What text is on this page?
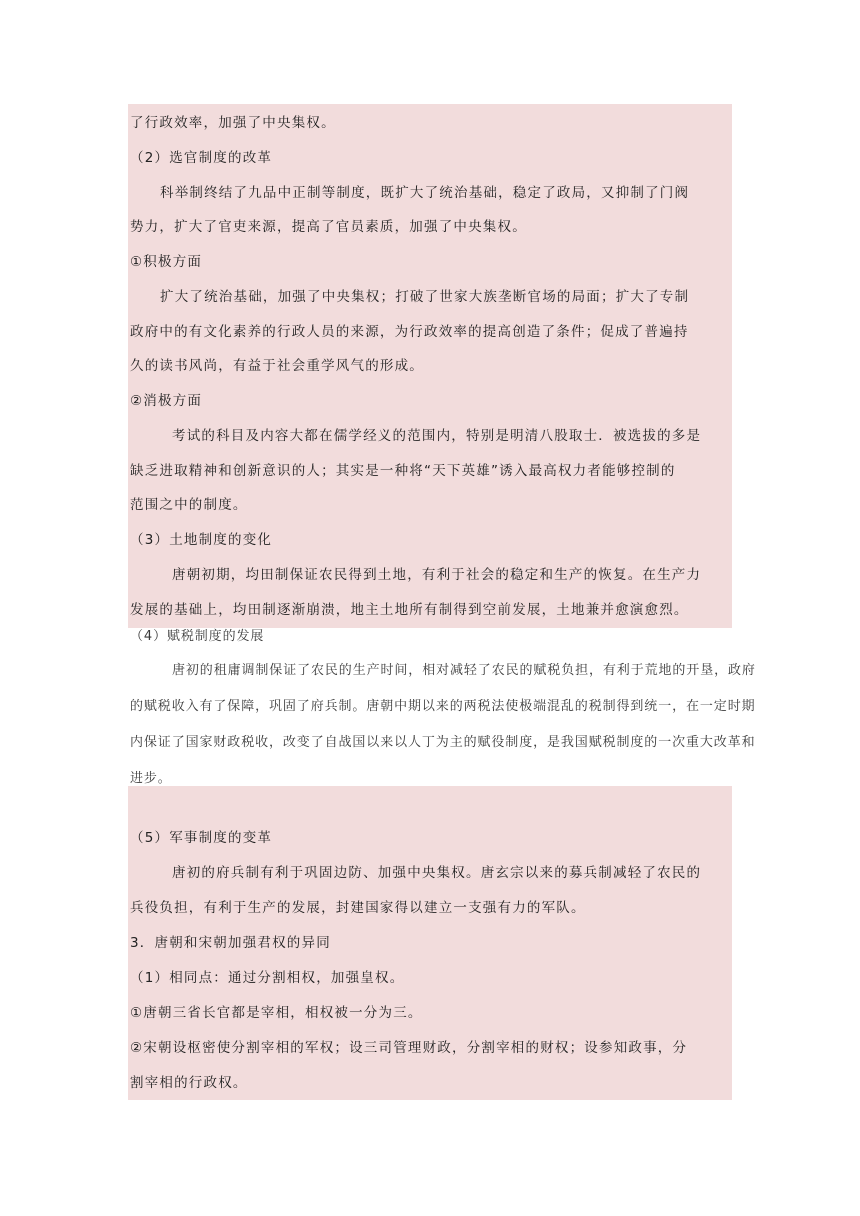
了行政效率，加强了中央集权。
（2）选官制度的改革
科举制终结了九品中正制等制度，既扩大了统治基础，稳定了政局，又抑制了门阀
势力，扩大了官吏来源，提高了官员素质，加强了中央集权。
①积极方面
扩大了统治基础，加强了中央集权；打破了世家大族垄断官场的局面；扩大了专制
政府中的有文化素养的行政人员的来源，为行政效率的提高创造了条件；促成了普遍持
久的读书风尚，有益于社会重学风气的形成。
②消极方面
考试的科目及内容大都在儒学经义的范围内，特别是明清八股取士．被选拔的多是
缺乏进取精神和创新意识的人；其实是一种将“天下英雄”诱入最高权力者能够控制的
范围之中的制度。
（3）土地制度的变化
唐朝初期，均田制保证农民得到土地，有利于社会的稳定和生产的恢复。在生产力
发展的基础上，均田制逐渐崩溃，地主土地所有制得到空前发展，土地兼并愈演愈烈。
（4）赋税制度的发展
唐初的租庸调制保证了农民的生产时间，相对减轻了农民的赋税负担，有利于荒地的开垦，政府
的赋税收入有了保障，巩固了府兵制。唐朝中期以来的两税法使极端混乱的税制得到统一，在一定时期
内保证了国家财政税收，改变了自战国以来以人丁为主的赋役制度，是我国赋税制度的一次重大改革和
进步。
（5）军事制度的变革
唐初的府兵制有利于巩固边防、加强中央集权。唐玄宗以来的募兵制减轻了农民的
兵役负担，有利于生产的发展，封建国家得以建立一支强有力的军队。
3．唐朝和宋朝加强君权的异同
（1）相同点：通过分割相权，加强皇权。
①唐朝三省长官都是宰相，相权被一分为三。
②宋朝设枢密使分割宰相的军权；设三司管理财政，分割宰相的财权；设参知政事，分
割宰相的行政权。
